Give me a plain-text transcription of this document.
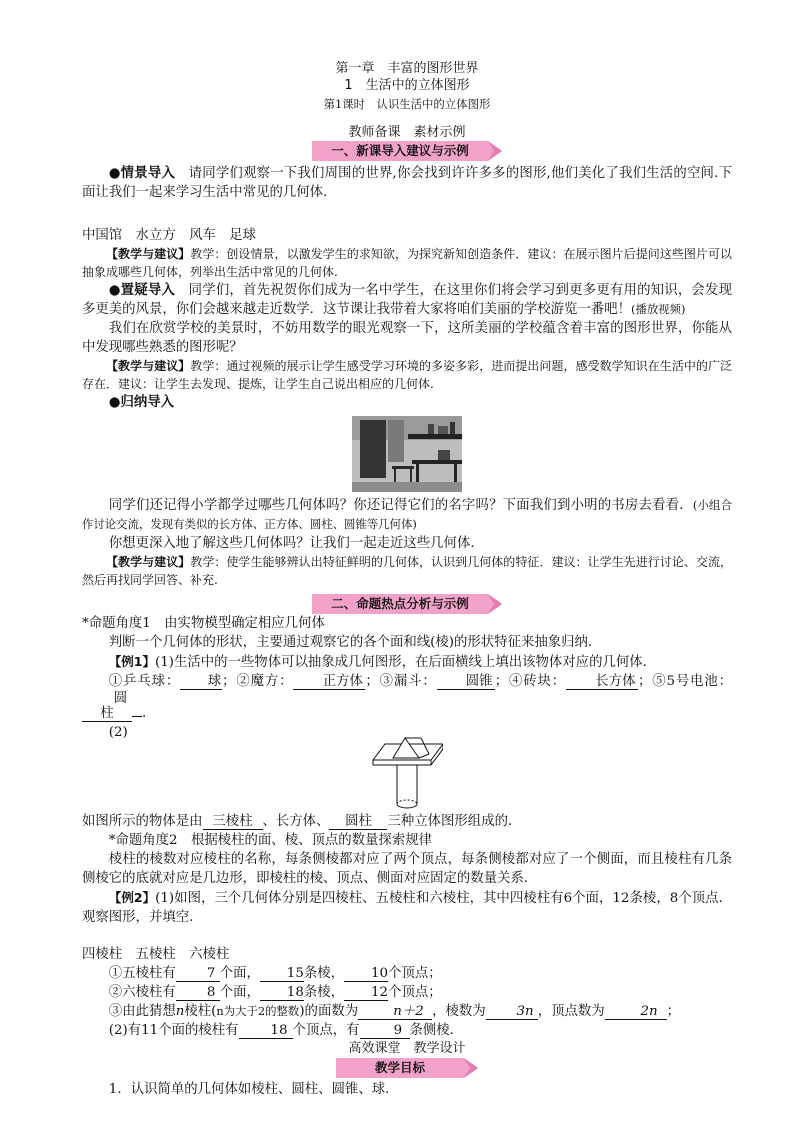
第一章　丰富的图形世界
1　生活中的立体图形
第1课时　认识生活中的立体图形
教师备课　素材示例
一、新课导入建议与示例

●情景导入　请同学们观察一下我们周围的世界,你会找到许许多多的图形,他们美化了我们生活的空间.下面让我们一起来学习生活中常见的几何体.

中国馆　水立方　风车　足球

【教学与建议】教学：创设情景，以激发学生的求知欲，为探究新知创造条件．建议：在展示图片后提问这些图片可以抽象成哪些几何体，列举出生活中常见的几何体.

●置疑导入　同学们，首先祝贺你们成为一名中学生，在这里你们将会学习到更多更有用的知识，会发现多更美的风景，你们会越来越走近数学．这节课让我带着大家将咱们美丽的学校游览一番吧！(播放视频)

我们在欣赏学校的美景时，不妨用数学的眼光观察一下，这所美丽的学校蕴含着丰富的图形世界，你能从中发现哪些熟悉的图形呢？

【教学与建议】教学：通过视频的展示让学生感受学习环境的多姿多彩，进而提出问题，感受数学知识在生活中的广泛存在．建议：让学生去发现、提炼，让学生自己说出相应的几何体.

●归纳导入

同学们还记得小学都学过哪些几何体吗？你还记得它们的名字吗？下面我们到小明的书房去看看．(小组合作讨论交流，发现有类似的长方体、正方体、圆柱、圆锥等几何体)

你想更深入地了解这些几何体吗？让我们一起走近这些几何体.

【教学与建议】教学：使学生能够辨认出特征鲜明的几何体，认识到几何体的特征．建议：让学生先进行讨论、交流，然后再找同学回答、补充.

二、命题热点分析与示例
*命题角度1　由实物模型确定相应几何体

判断一个几何体的形状，主要通过观察它的各个面和线(棱)的形状特征来抽象归纳．

【例1】(1)生活中的一些物体可以抽象成几何图形，在后面横线上填出该物体对应的几何体．

①乒乓球： 球；②魔方： 正方体 ；③漏斗： 圆锥 ；④砖块： 长方体 ；⑤5号电池：圆柱 .

(2)

如图所示的物体是由 三棱柱 、长方体、 圆柱 三种立体图形组成的．

*命题角度2　根据棱柱的面、棱、顶点的数量探索规律

棱柱的棱数对应棱柱的名称，每条侧棱都对应了两个顶点，每条侧棱都对应了一个侧面，而且棱柱有几条侧棱它的底就对应是几边形，即棱柱的棱、顶点、侧面对应固定的数量关系．

【例2】(1)如图，三个几何体分别是四棱柱、五棱柱和六棱柱，其中四棱柱有6个面，12条棱，8个顶点．观察图形，并填空.

四棱柱　五棱柱　六棱柱

①五棱柱有 7 个面， 15条棱， 10个顶点；

②六棱柱有 8 个面， 18条棱， 12个顶点；

③由此猜想n棱柱(n为大于2的整数)的面数为	n＋2 ，棱数为 3n ，顶点数为	2n ；

(2)有11个面的棱柱有 18 个顶点，有	9 条侧棱．

高效课堂　教学设计
教学目标

1．认识简单的几何体如棱柱、圆柱、圆锥、球．
